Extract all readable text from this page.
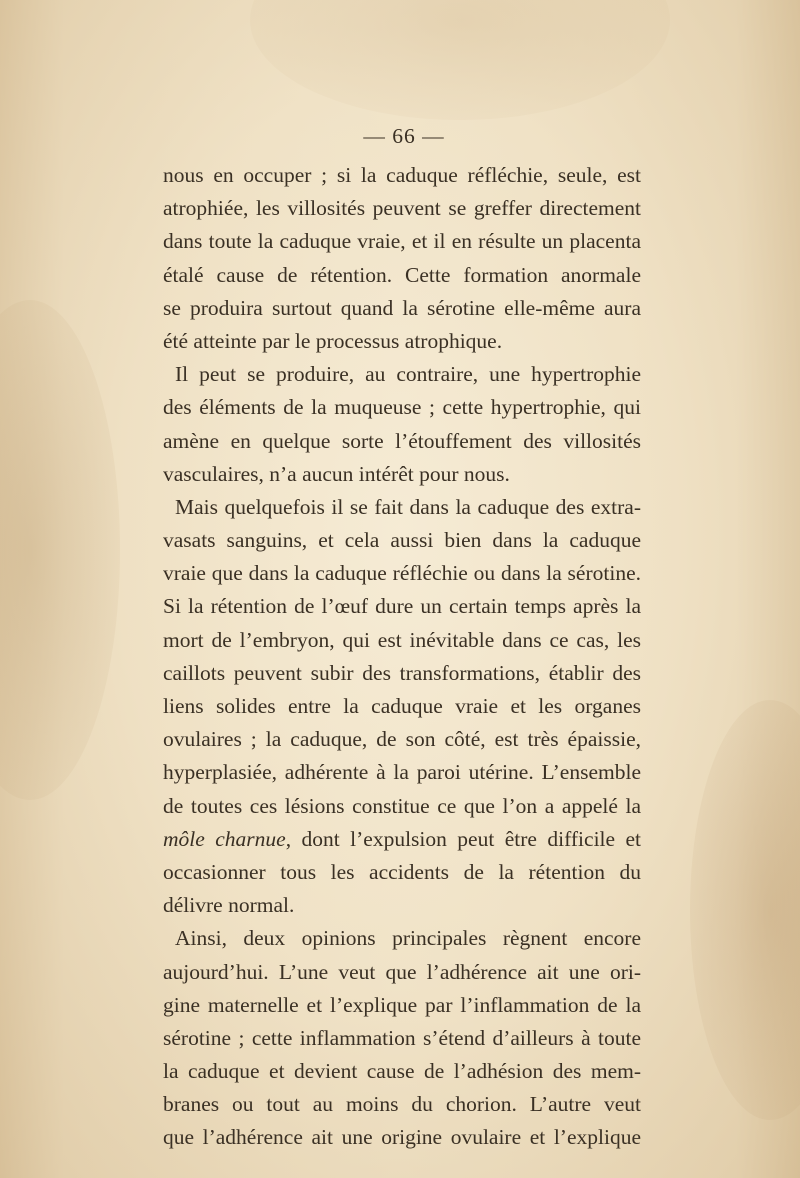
— 66 —
nous en occuper ; si la caduque réfléchie, seule, est
atrophiée, les villosités peuvent se greffer directement
dans toute la caduque vraie, et il en résulte un placenta
étalé cause de rétention. Cette formation anormale
se produira surtout quand la sérotine elle-même aura
été atteinte par le processus atrophique.
Il peut se produire, au contraire, une hypertrophie
des éléments de la muqueuse ; cette hypertrophie, qui
amène en quelque sorte l’étouffement des villosités
vasculaires, n’a aucun intérêt pour nous.
Mais quelquefois il se fait dans la caduque des extra-
vasats sanguins, et cela aussi bien dans la caduque
vraie que dans la caduque réfléchie ou dans la sérotine.
Si la rétention de l’œuf dure un certain temps après la
mort de l’embryon, qui est inévitable dans ce cas, les
caillots peuvent subir des transformations, établir des
liens solides entre la caduque vraie et les organes
ovulaires ; la caduque, de son côté, est très épaissie,
hyperplasiée, adhérente à la paroi utérine. L’ensemble
de toutes ces lésions constitue ce que l’on a appelé la
môle charnue, dont l’expulsion peut être difficile et
occasionner tous les accidents de la rétention du
délivre normal.
Ainsi, deux opinions principales règnent encore
aujourd’hui. L’une veut que l’adhérence ait une ori-
gine maternelle et l’explique par l’inflammation de la
sérotine ; cette inflammation s’étend d’ailleurs à toute
la caduque et devient cause de l’adhésion des mem-
branes ou tout au moins du chorion. L’autre veut
que l’adhérence ait une origine ovulaire et l’explique
